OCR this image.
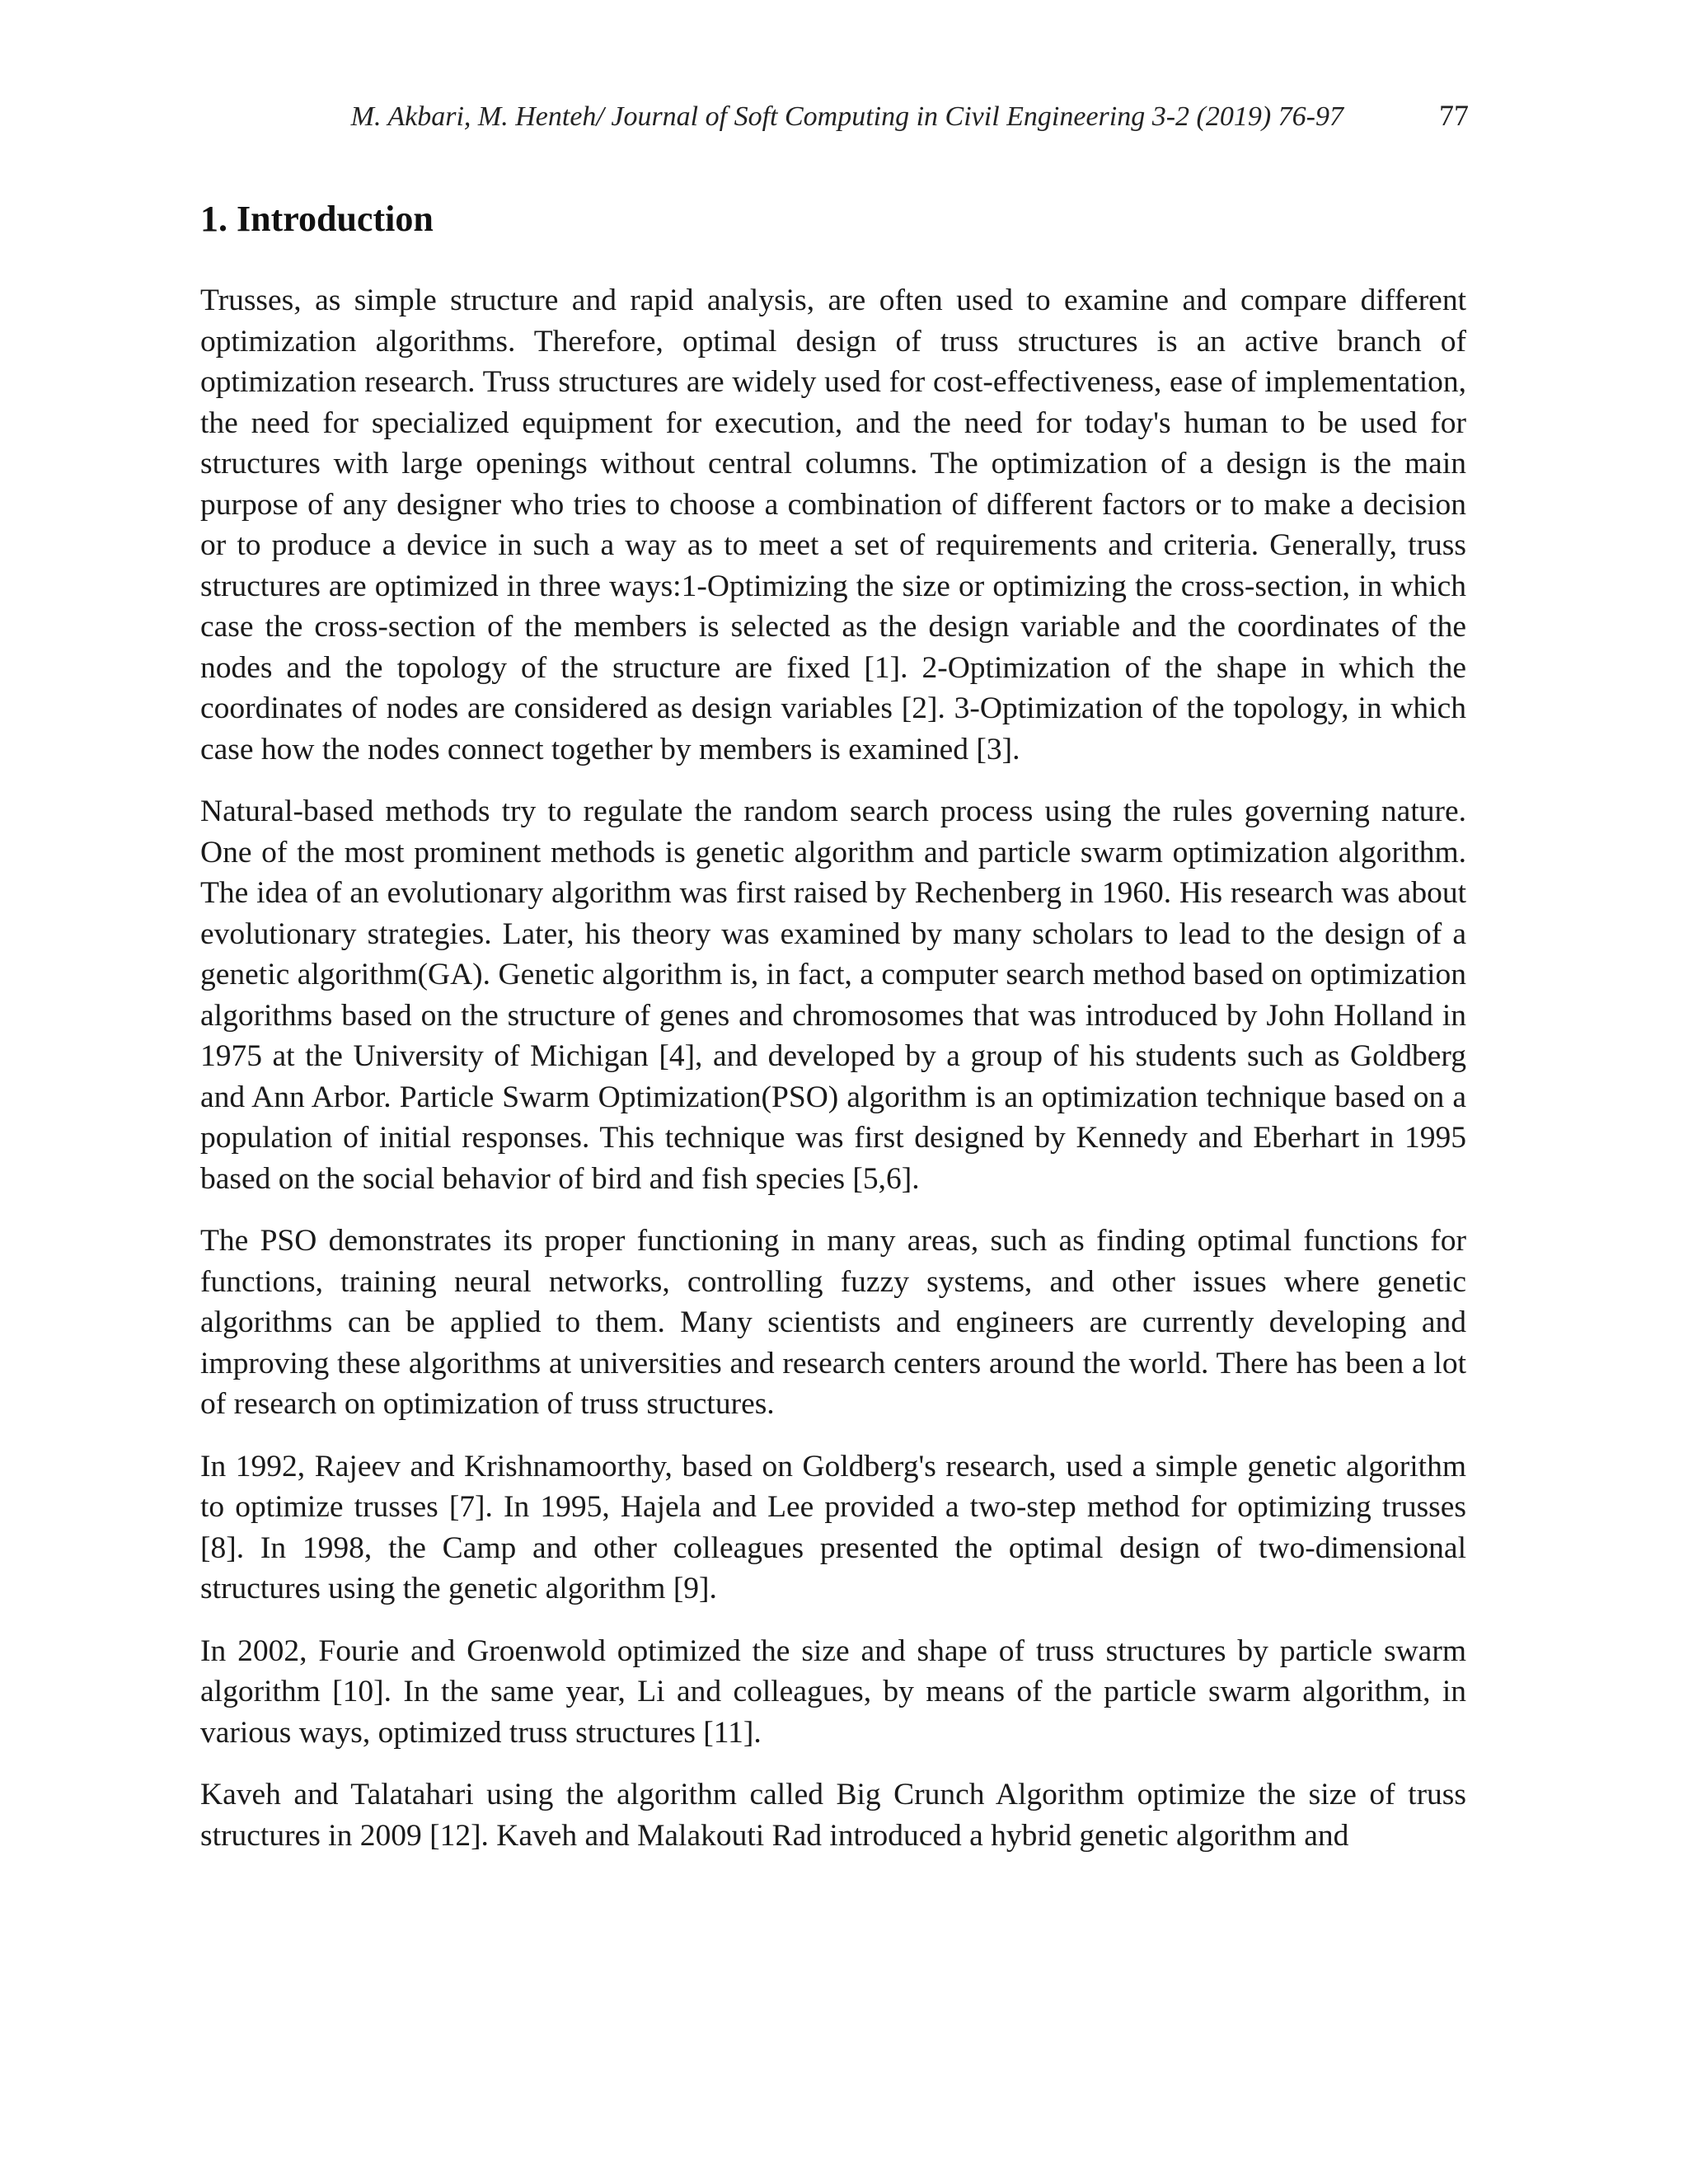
M. Akbari, M. Henteh/ Journal of Soft Computing in Civil Engineering 3-2 (2019) 76-97	77
1. Introduction

Trusses, as simple structure and rapid analysis, are often used to examine and compare different optimization algorithms. Therefore, optimal design of truss structures is an active branch of optimization research. Truss structures are widely used for cost-effectiveness, ease of implementation, the need for specialized equipment for execution, and the need for today's human to be used for structures with large openings without central columns. The optimization of a design is the main purpose of any designer who tries to choose a combination of different factors or to make a decision or to produce a device in such a way as to meet a set of requirements and criteria. Generally, truss structures are optimized in three ways:1-Optimizing the size or optimizing the cross-section, in which case the cross-section of the members is selected as the design variable and the coordinates of the nodes and the topology of the structure are fixed [1]. 2-Optimization of the shape in which the coordinates of nodes are considered as design variables [2]. 3-Optimization of the topology, in which case how the nodes connect together by members is examined [3].

Natural-based methods try to regulate the random search process using the rules governing nature. One of the most prominent methods is genetic algorithm and particle swarm optimization algorithm. The idea of an evolutionary algorithm was first raised by Rechenberg in 1960. His research was about evolutionary strategies. Later, his theory was examined by many scholars to lead to the design of a genetic algorithm(GA). Genetic algorithm is, in fact, a computer search method based on optimization algorithms based on the structure of genes and chromosomes that was introduced by John Holland in 1975 at the University of Michigan [4], and developed by a group of his students such as Goldberg and Ann Arbor. Particle Swarm Optimization(PSO) algorithm is an optimization technique based on a population of initial responses. This technique was first designed by Kennedy and Eberhart in 1995 based on the social behavior of bird and fish species [5,6].

The PSO demonstrates its proper functioning in many areas, such as finding optimal functions for functions, training neural networks, controlling fuzzy systems, and other issues where genetic algorithms can be applied to them. Many scientists and engineers are currently developing and improving these algorithms at universities and research centers around the world. There has been a lot of research on optimization of truss structures.

In 1992, Rajeev and Krishnamoorthy, based on Goldberg's research, used a simple genetic algorithm to optimize trusses [7]. In 1995, Hajela and Lee provided a two-step method for optimizing trusses [8]. In 1998, the Camp and other colleagues presented the optimal design of two-dimensional structures using the genetic algorithm [9].

In 2002, Fourie and Groenwold optimized the size and shape of truss structures by particle swarm algorithm [10]. In the same year, Li and colleagues, by means of the particle swarm algorithm, in various ways, optimized truss structures [11].

Kaveh and Talatahari using the algorithm called Big Crunch Algorithm optimize the size of truss structures in 2009 [12]. Kaveh and Malakouti Rad introduced a hybrid genetic algorithm and
